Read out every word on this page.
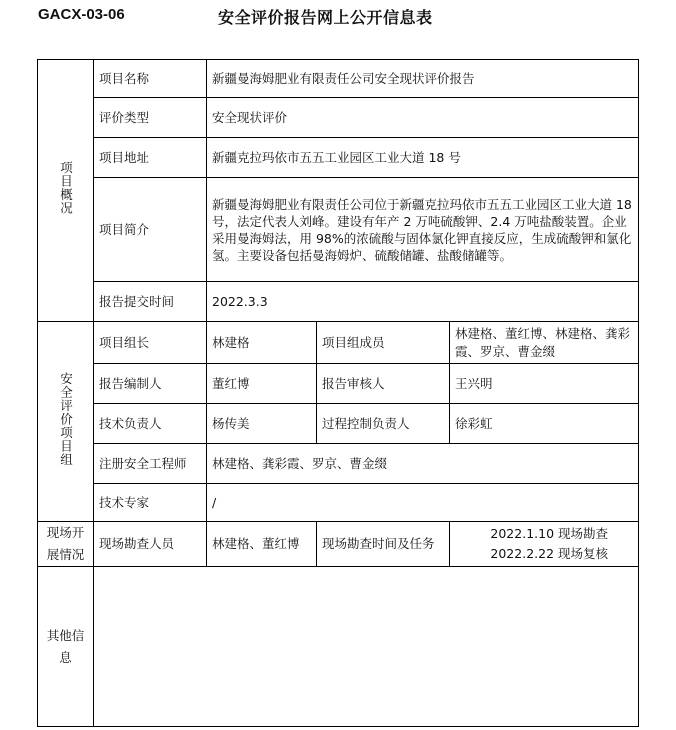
GACX-03-06	安全评价报告网上公开信息表
项目概况	项目名称	新疆曼海姆肥业有限责任公司安全现状评价报告		
	评价类型	安全现状评价		
	项目地址	新疆克拉玛依市五五工业园区工业大道 18 号		
	项目简介	新疆曼海姆肥业有限责任公司位于新疆克拉玛依市五五工业园区工业大道 18 号，法定代表人刘峰。建设有年产 2 万吨硫酸钾、2.4 万吨盐酸装置。企业采用曼海姆法，用 98%的浓硫酸与固体氯化钾直接反应，生成硫酸钾和氯化氢。主要设备包括曼海姆炉、硫酸储罐、盐酸储罐等。		
	报告提交时间	2022.3.3		

安全评价项目组	项目组长	林建格	项目组成员	林建格、董红博、林建格、龚彩霞、罗京、曹金缀
	报告编制人	董红博	报告审核人	王兴明
	技术负责人	杨传美	过程控制负责人	徐彩虹
	注册安全工程师	林建格、龚彩霞、罗京、曹金缀		
	技术专家	/		

现场开展情况	现场勘查人员	林建格、董红博	现场勘查时间及任务	2022.1.10 现场勘查
2022.2.22 现场复核

其他信息				
